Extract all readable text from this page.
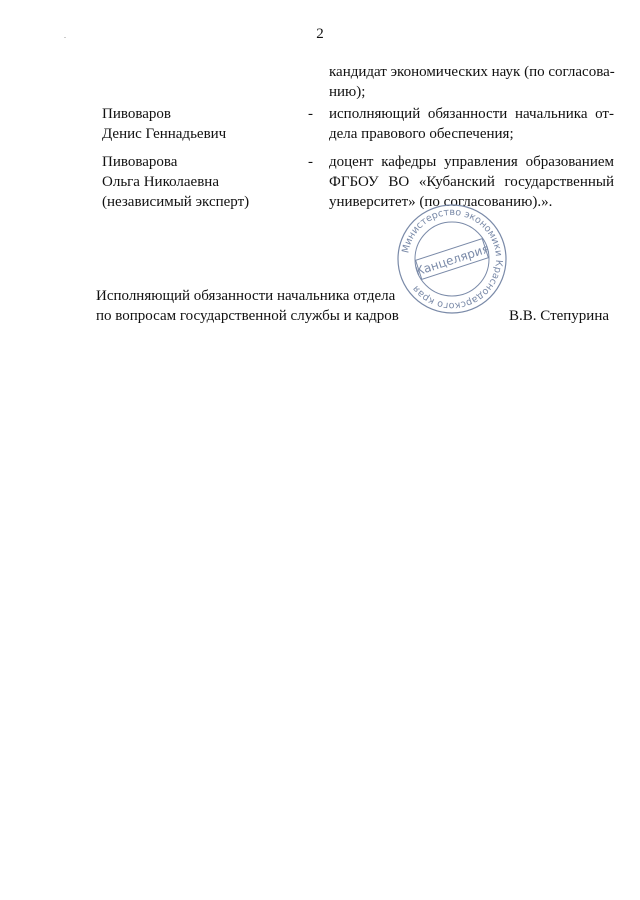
2
кандидат экономических наук (по согласова-
нию);
Пивоваров
Денис Геннадьевич
- исполняющий обязанности начальника от-
дела правового обеспечения;
Пивоварова
Ольга Николаевна
(независимый эксперт)
- доцент кафедры управления образованием
ФГБОУ ВО «Кубанский государственный
университет» (по согласованию).».
Министерство экономики Краснодарского края
Канцелярия
Исполняющий обязанности начальника отдела
по вопросам государственной службы и кадров	В.В. Степурина
